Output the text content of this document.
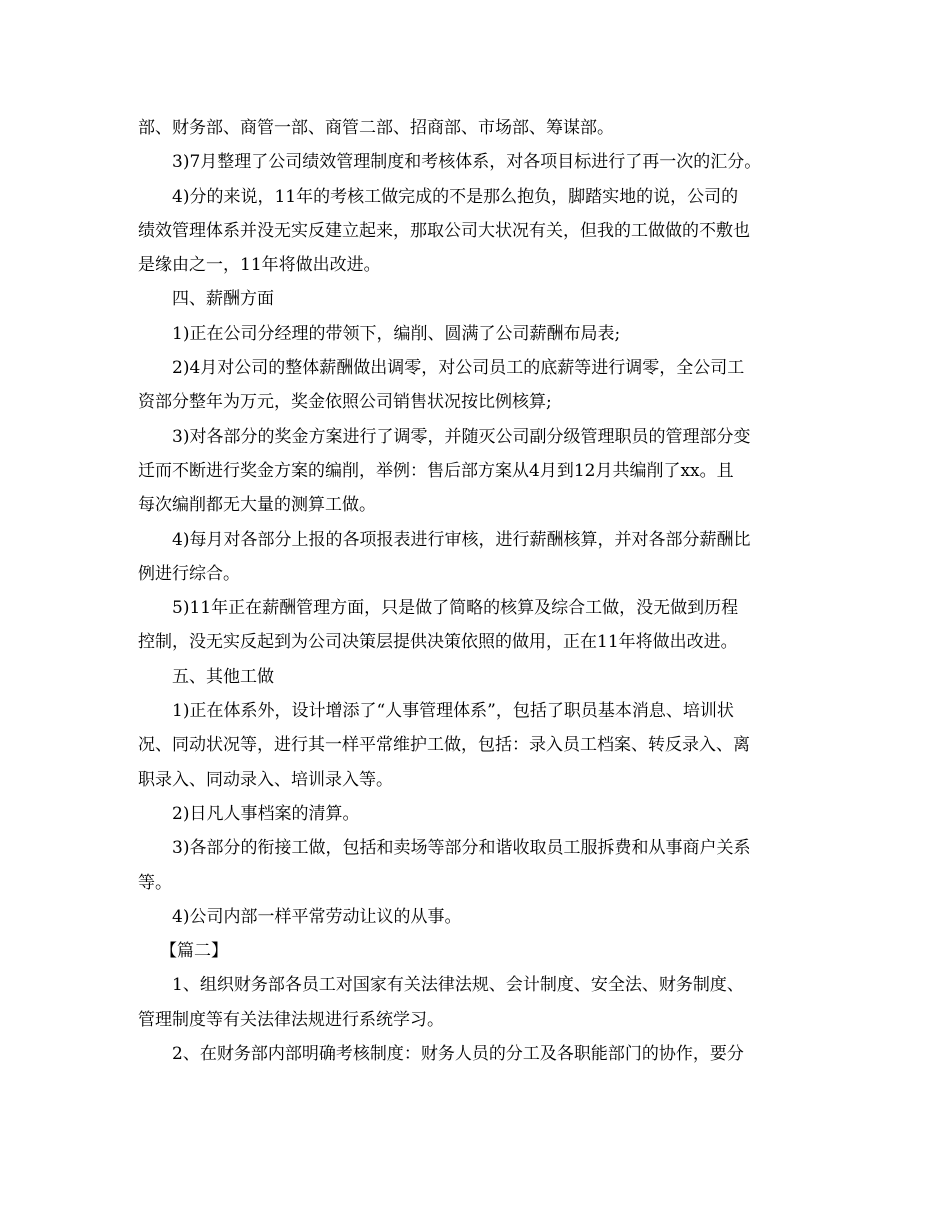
部、财务部、商管一部、商管二部、招商部、市场部、筹谋部。
3)7月整理了公司绩效管理制度和考核体系，对各项目标进行了再一次的汇分。
4)分的来说，11年的考核工做完成的不是那么抱负，脚踏实地的说，公司的
绩效管理体系并没无实反建立起来，那取公司大状况有关，但我的工做做的不敷也
是缘由之一，11年将做出改进。
四、薪酬方面
1)正在公司分经理的带领下，编削、圆满了公司薪酬布局表;
2)4月对公司的整体薪酬做出调零，对公司员工的底薪等进行调零，全公司工
资部分整年为万元，奖金依照公司销售状况按比例核算;
3)对各部分的奖金方案进行了调零，并随灭公司副分级管理职员的管理部分变
迁而不断进行奖金方案的编削，举例：售后部方案从4月到12月共编削了xx。且
每次编削都无大量的测算工做。
4)每月对各部分上报的各项报表进行审核，进行薪酬核算，并对各部分薪酬比
例进行综合。
5)11年正在薪酬管理方面，只是做了简略的核算及综合工做，没无做到历程
控制，没无实反起到为公司决策层提供决策依照的做用，正在11年将做出改进。
五、其他工做
1)正在体系外，设计增添了“人事管理体系”，包括了职员基本消息、培训状
况、同动状况等，进行其一样平常维护工做，包括：录入员工档案、转反录入、离
职录入、同动录入、培训录入等。
2)日凡人事档案的清算。
3)各部分的衔接工做，包括和卖场等部分和谐收取员工服拆费和从事商户关系
等。
4)公司内部一样平常劳动让议的从事。
【篇二】
1、组织财务部各员工对国家有关法律法规、会计制度、安全法、财务制度、
管理制度等有关法律法规进行系统学习。
2、在财务部内部明确考核制度：财务人员的分工及各职能部门的协作，要分
